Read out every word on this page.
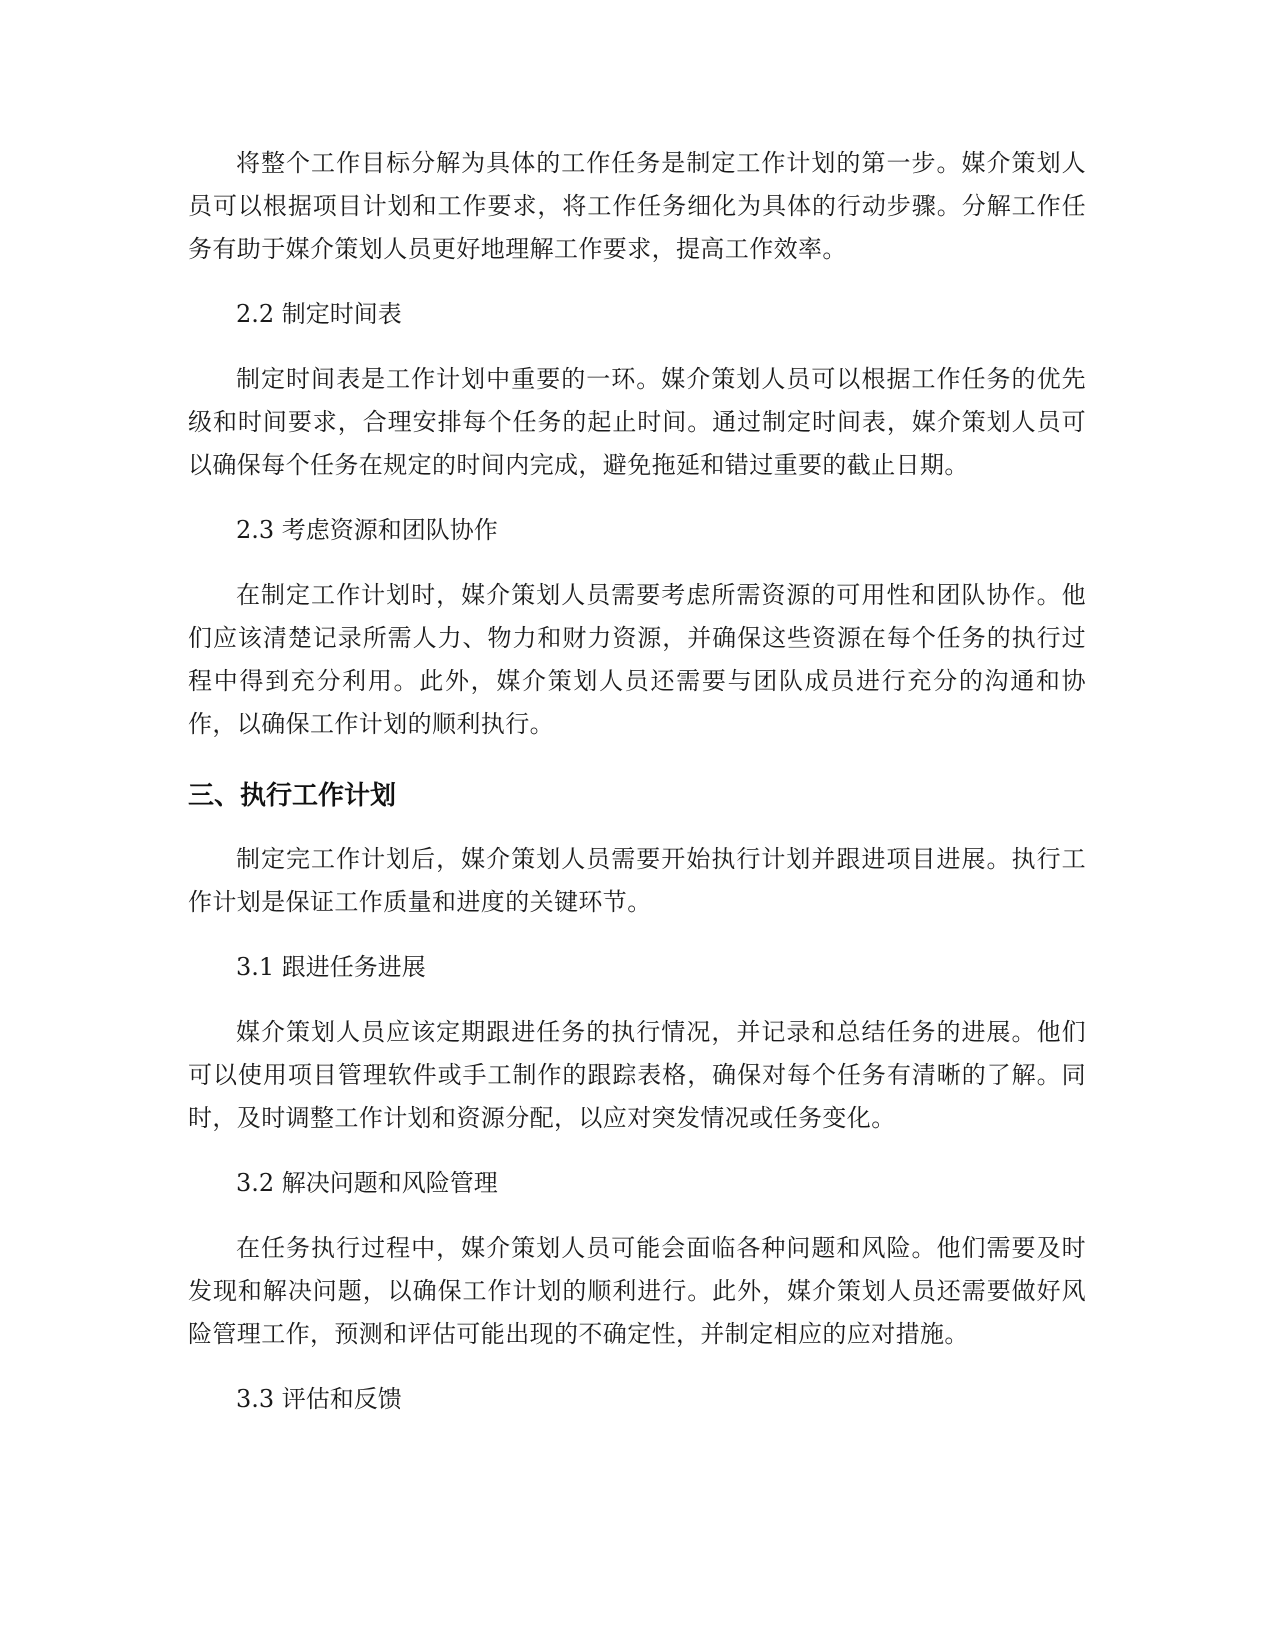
将整个工作目标分解为具体的工作任务是制定工作计划的第一步。媒介策划人员可以根据项目计划和工作要求，将工作任务细化为具体的行动步骤。分解工作任务有助于媒介策划人员更好地理解工作要求，提高工作效率。

2.2 制定时间表

制定时间表是工作计划中重要的一环。媒介策划人员可以根据工作任务的优先级和时间要求，合理安排每个任务的起止时间。通过制定时间表，媒介策划人员可以确保每个任务在规定的时间内完成，避免拖延和错过重要的截止日期。

2.3 考虑资源和团队协作

在制定工作计划时，媒介策划人员需要考虑所需资源的可用性和团队协作。他们应该清楚记录所需人力、物力和财力资源，并确保这些资源在每个任务的执行过程中得到充分利用。此外，媒介策划人员还需要与团队成员进行充分的沟通和协作，以确保工作计划的顺利执行。

三、执行工作计划

制定完工作计划后，媒介策划人员需要开始执行计划并跟进项目进展。执行工作计划是保证工作质量和进度的关键环节。

3.1 跟进任务进展

媒介策划人员应该定期跟进任务的执行情况，并记录和总结任务的进展。他们可以使用项目管理软件或手工制作的跟踪表格，确保对每个任务有清晰的了解。同时，及时调整工作计划和资源分配，以应对突发情况或任务变化。

3.2 解决问题和风险管理

在任务执行过程中，媒介策划人员可能会面临各种问题和风险。他们需要及时发现和解决问题，以确保工作计划的顺利进行。此外，媒介策划人员还需要做好风险管理工作，预测和评估可能出现的不确定性，并制定相应的应对措施。

3.3 评估和反馈
